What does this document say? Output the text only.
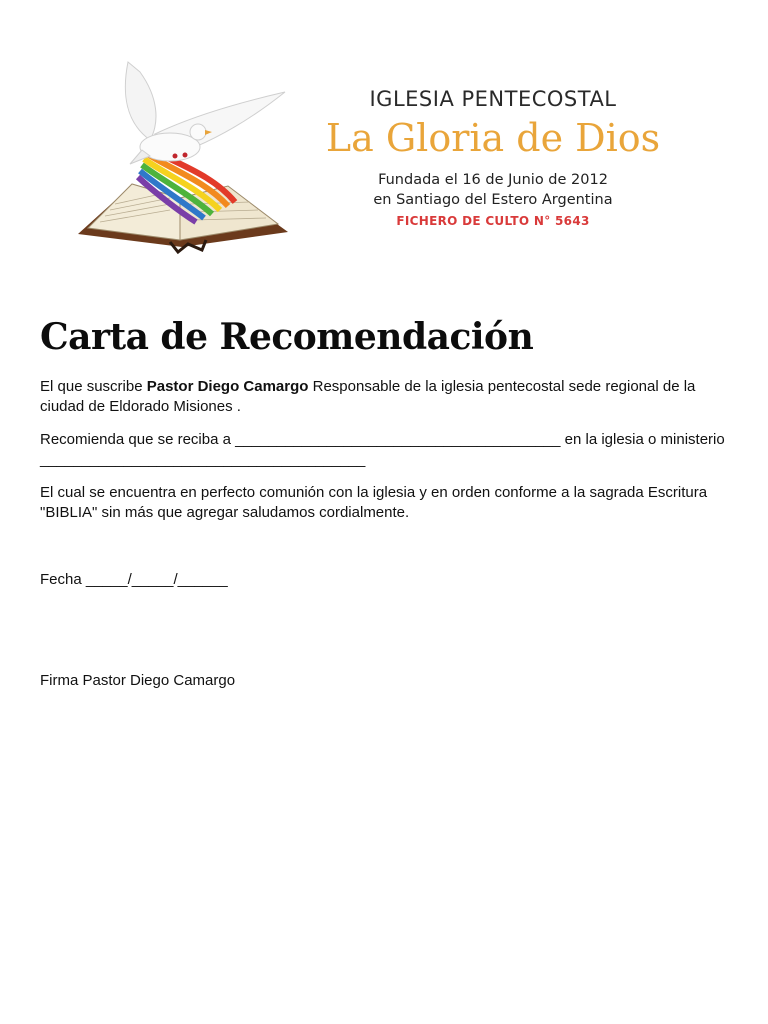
IGLESIA PENTECOSTAL

La Gloria de Dios

Fundada el 16 de Junio de 2012
en Santiago del Estero Argentina

FICHERO DE CULTO N° 5643

Carta de Recomendación

El que suscribe Pastor Diego Camargo Responsable de la iglesia pentecostal sede regional de la ciudad de Eldorado Misiones .

Recomienda que se reciba a _______________________________________ en la iglesia o ministerio _______________________________________

El cual se encuentra en perfecto comunión con la iglesia y en orden conforme a la sagrada Escritura "BIBLIA" sin más que agregar saludamos cordialmente.

Fecha _____/_____/______

Firma Pastor Diego Camargo
